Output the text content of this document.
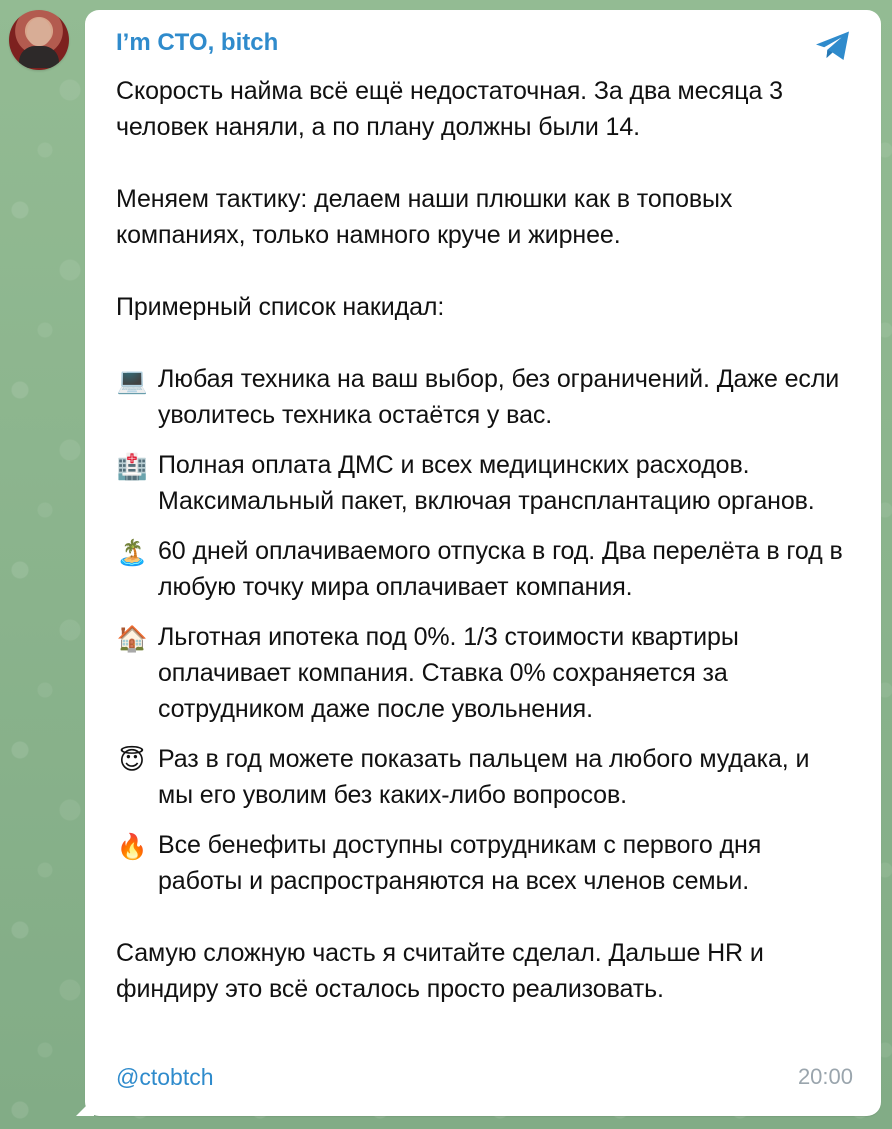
I’m CTO, bitch

Скорость найма всё ещё недостаточная. За два месяца 3 человек наняли, а по плану должны были 14.

Меняем тактику: делаем наши плюшки как в топовых компаниях, только намного круче и жирнее.

Примерный список накидал:

💻 Любая техника на ваш выбор, без ограничений. Даже если уволитесь техника остаётся у вас.
🏥 Полная оплата ДМС и всех медицинских расходов. Максимальный пакет, включая трансплантацию органов.
🏝️ 60 дней оплачиваемого отпуска в год. Два перелёта в год в любую точку мира оплачивает компания.
🏠 Льготная ипотека под 0%. 1/3 стоимости квартиры оплачивает компания. Ставка 0% сохраняется за сотрудником даже после увольнения.
😇 Раз в год можете показать пальцем на любого мудака, и мы его уволим без каких-либо вопросов.
🔥 Все бенефиты доступны сотрудникам с первого дня работы и распространяются на всех членов семьи.

Самую сложную часть я считайте сделал. Дальше HR и финдиру это всё осталось просто реализовать.

@ctobtch	20:00
